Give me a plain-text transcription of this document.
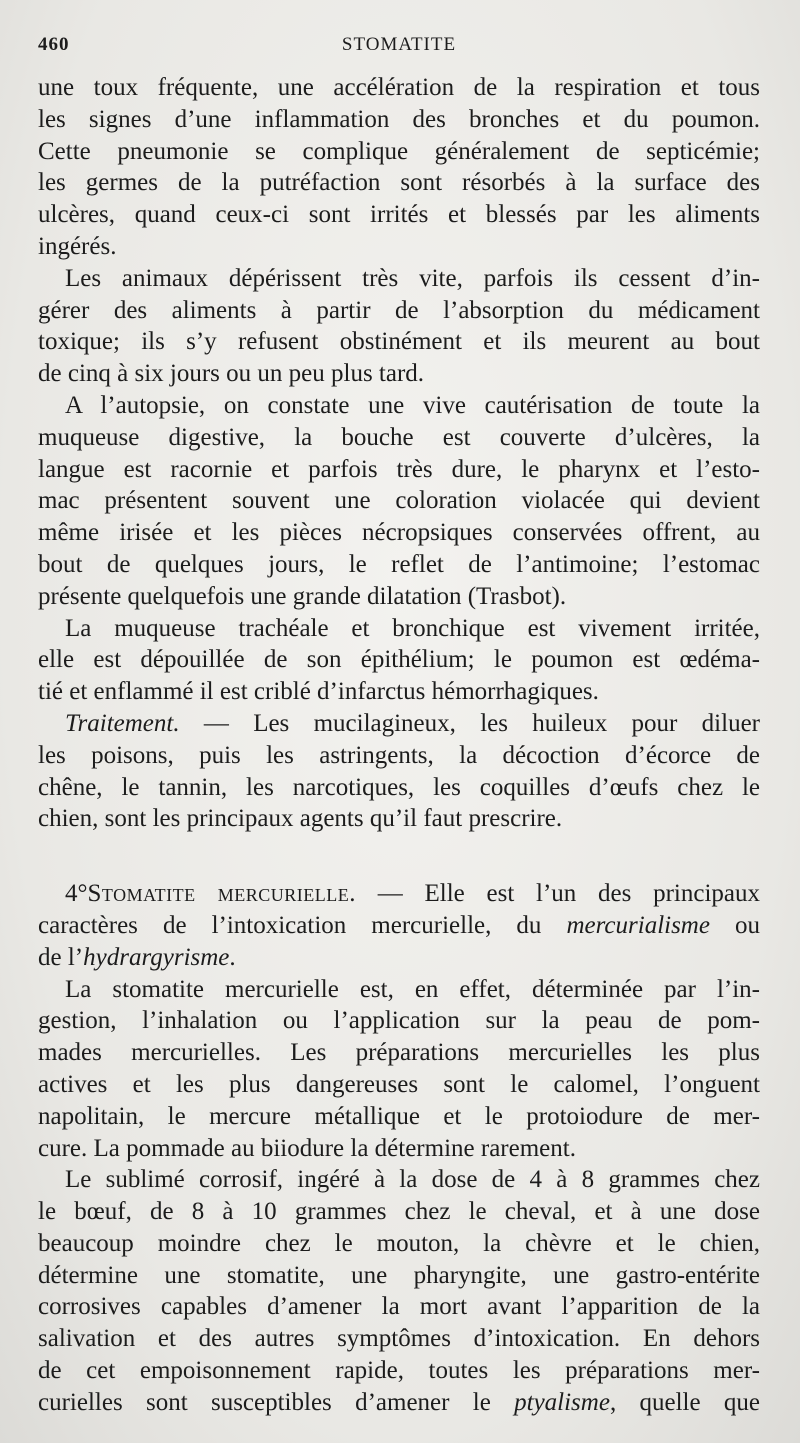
460	STOMATITE
une toux fréquente, une accélération de la respiration et tous
les signes d’une inflammation des bronches et du poumon.
Cette pneumonie se complique généralement de septicémie;
les germes de la putréfaction sont résorbés à la surface des
ulcères, quand ceux-ci sont irrités et blessés par les aliments
ingérés.
Les animaux dépérissent très vite, parfois ils cessent d’in-
gérer des aliments à partir de l’absorption du médicament
toxique; ils s’y refusent obstinément et ils meurent au bout
de cinq à six jours ou un peu plus tard.
A l’autopsie, on constate une vive cautérisation de toute la
muqueuse digestive, la bouche est couverte d’ulcères, la
langue est racornie et parfois très dure, le pharynx et l’esto-
mac présentent souvent une coloration violacée qui devient
même irisée et les pièces nécropsiques conservées offrent, au
bout de quelques jours, le reflet de l’antimoine; l’estomac
présente quelquefois une grande dilatation (Trasbot).
La muqueuse trachéale et bronchique est vivement irritée,
elle est dépouillée de son épithélium; le poumon est œdéma-
tié et enflammé il est criblé d’infarctus hémorrhagiques.
Traitement. — Les mucilagineux, les huileux pour diluer
les poisons, puis les astringents, la décoction d’écorce de
chêne, le tannin, les narcotiques, les coquilles d’œufs chez le
chien, sont les principaux agents qu’il faut prescrire.
4°Stomatite mercurielle. — Elle est l’un des principaux
caractères de l’intoxication mercurielle, du mercurialisme ou
de l’hydrargyrisme.
La stomatite mercurielle est, en effet, déterminée par l’in-
gestion, l’inhalation ou l’application sur la peau de pom-
mades mercurielles. Les préparations mercurielles les plus
actives et les plus dangereuses sont le calomel, l’onguent
napolitain, le mercure métallique et le protoiodure de mer-
cure. La pommade au biiodure la détermine rarement.
Le sublimé corrosif, ingéré à la dose de 4 à 8 grammes chez
le bœuf, de 8 à 10 grammes chez le cheval, et à une dose
beaucoup moindre chez le mouton, la chèvre et le chien,
détermine une stomatite, une pharyngite, une gastro-entérite
corrosives capables d’amener la mort avant l’apparition de la
salivation et des autres symptômes d’intoxication. En dehors
de cet empoisonnement rapide, toutes les préparations mer-
curielles sont susceptibles d’amener le ptyalisme, quelle que
